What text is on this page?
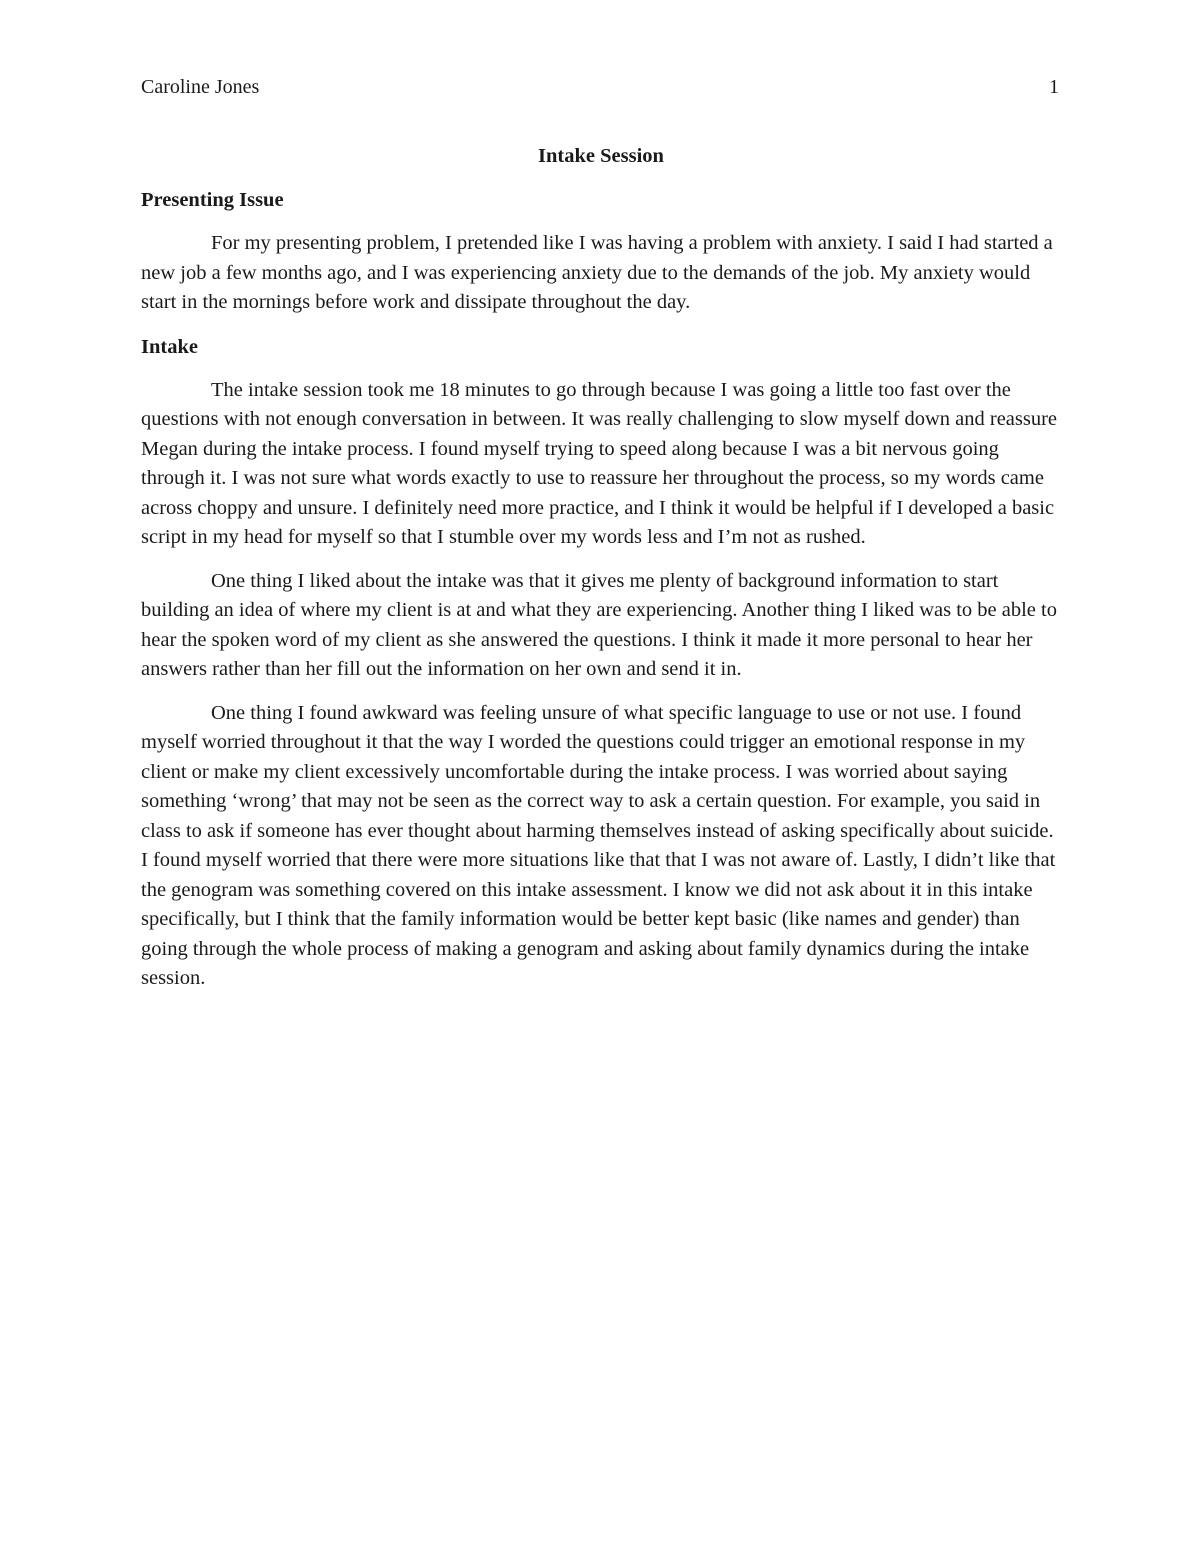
Caroline Jones	1
Intake Session
Presenting Issue

For my presenting problem, I pretended like I was having a problem with anxiety. I said I had started a new job a few months ago, and I was experiencing anxiety due to the demands of the job. My anxiety would start in the mornings before work and dissipate throughout the day.

Intake

The intake session took me 18 minutes to go through because I was going a little too fast over the questions with not enough conversation in between. It was really challenging to slow myself down and reassure Megan during the intake process. I found myself trying to speed along because I was a bit nervous going through it. I was not sure what words exactly to use to reassure her throughout the process, so my words came across choppy and unsure. I definitely need more practice, and I think it would be helpful if I developed a basic script in my head for myself so that I stumble over my words less and I’m not as rushed.

One thing I liked about the intake was that it gives me plenty of background information to start building an idea of where my client is at and what they are experiencing. Another thing I liked was to be able to hear the spoken word of my client as she answered the questions. I think it made it more personal to hear her answers rather than her fill out the information on her own and send it in.

One thing I found awkward was feeling unsure of what specific language to use or not use. I found myself worried throughout it that the way I worded the questions could trigger an emotional response in my client or make my client excessively uncomfortable during the intake process. I was worried about saying something ‘wrong’ that may not be seen as the correct way to ask a certain question. For example, you said in class to ask if someone has ever thought about harming themselves instead of asking specifically about suicide. I found myself worried that there were more situations like that that I was not aware of. Lastly, I didn’t like that the genogram was something covered on this intake assessment. I know we did not ask about it in this intake specifically, but I think that the family information would be better kept basic (like names and gender) than going through the whole process of making a genogram and asking about family dynamics during the intake session.
